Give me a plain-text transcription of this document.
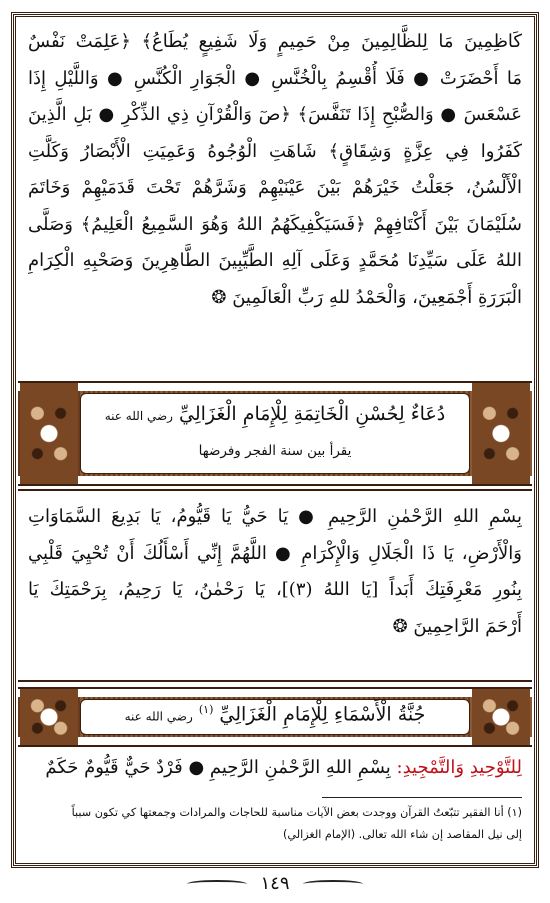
كَاظِمِينَ مَا لِلظَّالِمِينَ مِنْ حَمِيمٍ وَلَا شَفِيعٍ يُطَاعُ﴾ ﴿عَلِمَتْ نَفْسٌ
مَا أَحْضَرَتْ ● فَلَا أُقْسِمُ بِالْخُنَّسِ ● الْجَوَارِ الْكُنَّسِ ● وَاللَّيْلِ إِذَا
عَسْعَسَ ● وَالصُّبْحِ إِذَا تَنَفَّسَ﴾ ﴿صٓ وَالْقُرْآنِ ذِي الذِّكْرِ ● بَلِ الَّذِينَ
كَفَرُوا فِي عِزَّةٍ وَشِقَاقٍ﴾ شَاهَتِ الْوُجُوهُ وَعَمِيَتِ الْأَبْصَارُ وَكَلَّتِ
الْأَلْسُنُ، جَعَلْتُ خَيْرَهُمْ بَيْنَ عَيْنَيْهِمْ وَشَرَّهُمْ تَحْتَ قَدَمَيْهِمْ وَخَاتَمَ
سُلَيْمَانَ بَيْنَ أَكْتَافِهِمْ ﴿فَسَيَكْفِيكَهُمُ اللهُ وَهُوَ السَّمِيعُ الْعَلِيمُ﴾ وَصَلَّى
اللهُ عَلَى سَيِّدِنَا مُحَمَّدٍ وَعَلَى آلِهِ الطَّيِّبِينَ الطَّاهِرِينَ وَصَحْبِهِ الْكِرَامِ
الْبَرَرَةِ أَجْمَعِينَ، وَالْحَمْدُ للهِ رَبِّ الْعَالَمِينَ ❂
دُعَاءٌ لِحُسْنِ الْخَاتِمَةِ لِلْإِمَامِ الْغَزَالِيِّ رضي الله عنه
يقرأ بين سنة الفجر وفرضها
بِسْمِ اللهِ الرَّحْمٰنِ الرَّحِيمِ ● يَا حَيُّ يَا قَيُّومُ، يَا بَدِيعَ السَّمَاوَاتِ
وَالْأَرْضِ، يَا ذَا الْجَلَالِ وَالْإِكْرَامِ ● اللَّهُمَّ إِنِّي أَسْأَلُكَ أَنْ تُحْيِيَ قَلْبِي
بِنُورِ مَعْرِفَتِكَ أَبَداً [يَا اللهُ (٣)]، يَا رَحْمٰنُ، يَا رَحِيمُ، بِرَحْمَتِكَ يَا
أَرْحَمَ الرَّاحِمِينَ ❂
جُنَّةُ الْأَسْمَاءِ لِلْإِمَامِ الْغَزَالِيِّ $^{(١)}$ رضي الله عنه
لِلتَّوْحِيدِ وَالتَّمْجِيدِ: بِسْمِ اللهِ الرَّحْمٰنِ الرَّحِيمِ ● فَرْدٌ حَيٌّ قَيُّومٌ حَكَمٌ
(١) أنا الفقير تتبّعتُ القرآن ووجدت بعض الآيات مناسبة للحاجات والمرادات وجمعتها كي تكون سبباً
إلى نيل المقاصد إن شاء الله تعالى. (الإمام الغزالي)
١٤٩
